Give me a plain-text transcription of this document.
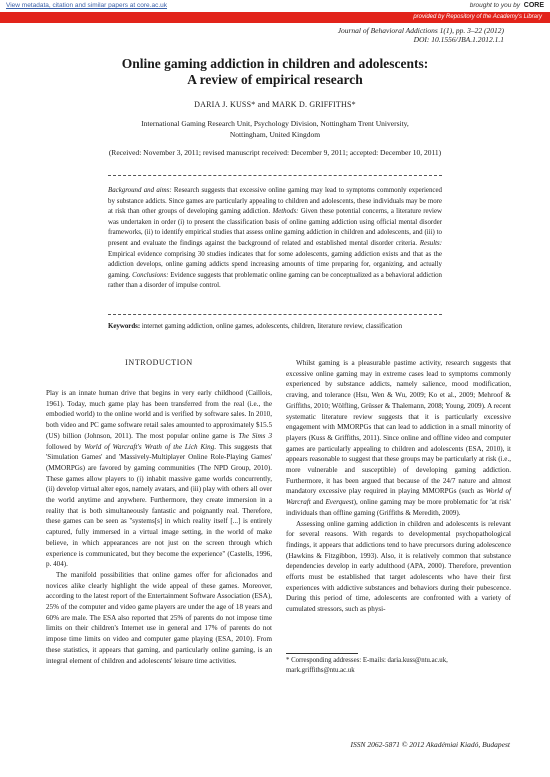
View metadata, citation and similar papers at core.ac.uk	brought to you by CORE
provided by Repository of the Academy's Library
Journal of Behavioral Addictions 1(1), pp. 3–22 (2012)
DOI: 10.1556/JBA.1.2012.1.1
Online gaming addiction in children and adolescents:
A review of empirical research
DARIA J. KUSS* and MARK D. GRIFFITHS*
International Gaming Research Unit, Psychology Division, Nottingham Trent University,
Nottingham, United Kingdom
(Received: November 3, 2011; revised manuscript received: December 9, 2011; accepted: December 10, 2011)
Background and aims: Research suggests that excessive online gaming may lead to symptoms commonly experienced by substance addicts. Since games are particularly appealing to children and adolescents, these individuals may be more at risk than other groups of developing gaming addiction. Methods: Given these potential concerns, a literature review was undertaken in order (i) to present the classification basis of online gaming addiction using official mental disorder frameworks, (ii) to identify empirical studies that assess online gaming addiction in children and adolescents, and (iii) to present and evaluate the findings against the background of related and established mental disorder criteria. Results: Empirical evidence comprising 30 studies indicates that for some adolescents, gaming addiction exists and that as the addiction develops, online gaming addicts spend increasing amounts of time preparing for, organizing, and actually gaming. Conclusions: Evidence suggests that problematic online gaming can be conceptualized as a behavioral addiction rather than a disorder of impulse control.
Keywords: internet gaming addiction, online games, adolescents, children, literature review, classification
INTRODUCTION

Play is an innate human drive that begins in very early childhood (Caillois, 1961). Today, much game play has been transferred from the real (i.e., the embodied world) to the online world and is verified by software sales. In 2010, both video and PC game software retail sales amounted to approximately $15.5 (US) billion (Johnson, 2011). The most popular online game is The Sims 3 followed by World of Warcraft's Wrath of the Lich King. This suggests that 'Simulation Games' and 'Massively-Multiplayer Online Role-Playing Games' (MMORPGs) are favored by gaming communities (The NPD Group, 2010). These games allow players to (i) inhabit massive game worlds concurrently, (ii) develop virtual alter egos, namely avatars, and (iii) play with others all over the world anytime and anywhere. Furthermore, they create immersion in a reality that is both simultaneously fantastic and poignantly real. Therefore, these games can be seen as "systems[s] in which reality itself [...] is entirely captured, fully immersed in a virtual image setting, in the world of make believe, in which appearances are not just on the screen through which experience is communicated, but they become the experience" (Castells, 1996, p. 404).

The manifold possibilities that online games offer for aficionados and novices alike clearly highlight the wide appeal of these games. Moreover, according to the latest report of the Entertainment Software Association (ESA), 25% of the computer and video game players are under the age of 18 years and 60% are male. The ESA also reported that 25% of parents do not impose time limits on their children's Internet use in general and 17% of parents do not impose time limits on video and computer game playing (ESA, 2010). From these statistics, it appears that gaming, and particularly online gaming, is an integral element of children and adolescents' leisure time activities.

Whilst gaming is a pleasurable pastime activity, research suggests that excessive online gaming may in extreme cases lead to symptoms commonly experienced by substance addicts, namely salience, mood modification, craving, and tolerance (Hsu, Wen & Wu, 2009; Ko et al., 2009; Mehroof & Griffiths, 2010; Wölfling, Grüsser & Thalemann, 2008; Young, 2009). A recent systematic literature review suggests that it is particularly excessive engagement with MMORPGs that can lead to addiction in a small minority of players (Kuss & Griffiths, 2011). Since online and offline video and computer games are particularly appealing to children and adolescents (ESA, 2010), it appears reasonable to suggest that these groups may be particularly at risk (i.e., more vulnerable and susceptible) of developing gaming addiction. Furthermore, it has been argued that because of the 24/7 nature and almost mandatory excessive play required in playing MMORPGs (such as World of Warcraft and Everquest), online gaming may be more problematic for 'at risk' individuals than offline gaming (Griffiths & Meredith, 2009).

Assessing online gaming addiction in children and adolescents is relevant for several reasons. With regards to developmental psychopathological findings, it appears that addictions tend to have precursors during adolescence (Hawkins & Fitzgibbon, 1993). Also, it is relatively common that substance dependencies develop in early adulthood (APA, 2000). Therefore, prevention efforts must be established that target adolescents who have their first experiences with addictive substances and behaviors during their pubescence. During this period of time, adolescents are confronted with a variety of cumulated stressors, such as physi-

* Corresponding addresses: E-mails: daria.kuss@ntu.ac.uk,
mark.griffiths@ntu.ac.uk
ISSN 2062-5871 © 2012 Akadémiai Kiadó, Budapest
